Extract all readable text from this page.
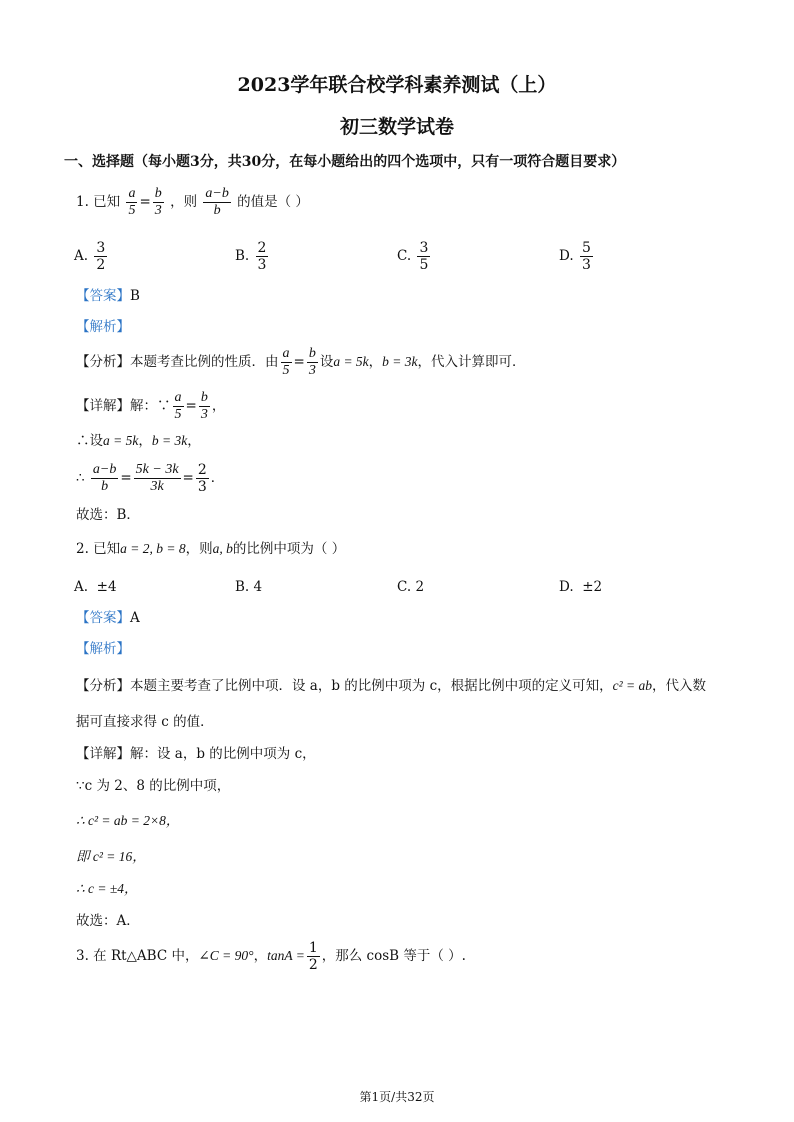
2023学年联合校学科素养测试（上）
初三数学试卷
一、选择题（每小题3分，共30分，在每小题给出的四个选项中，只有一项符合题目要求）
1. 已知 $\frac{a}{5} = \frac{b}{3}$ ，则 $\frac{a-b}{b}$ 的值是（ ）
A. $\frac{3}{2}$	B. $\frac{2}{3}$	C. $\frac{3}{5}$	D. $\frac{5}{3}$
【答案】B
【解析】
【分析】本题考查比例的性质．由 $\frac{a}{5} = \frac{b}{3}$ 设a = 5k，b = 3k，代入计算即可．
【详解】解：∵ $\frac{a}{5} = \frac{b}{3}$ ，
∴设a = 5k，b = 3k，
∴ $\frac{a-b}{b} = \frac{5k - 3k}{3k} = \frac{2}{3}$ ．
故选：B．
2. 已知a = 2, b = 8，则a, b的比例中项为（ ）
A. ±4	B. 4	C. 2	D. ±2
【答案】A
【解析】
【分析】本题主要考查了比例中项．设 a，b 的比例中项为 c，根据比例中项的定义可知，c² = ab，代入数
据可直接求得 c 的值．
【详解】解：设 a，b 的比例中项为 c，
∵c 为 2、8 的比例中项，
∴ c² = ab = 2×8，
即 c² = 16，
∴ c = ±4，
故选：A．
3. 在 Rt△ABC 中，∠C = 90°，$\tan A = \frac{1}{2}$ ，那么 cosB 等于（ ）.
第1页/共32页
